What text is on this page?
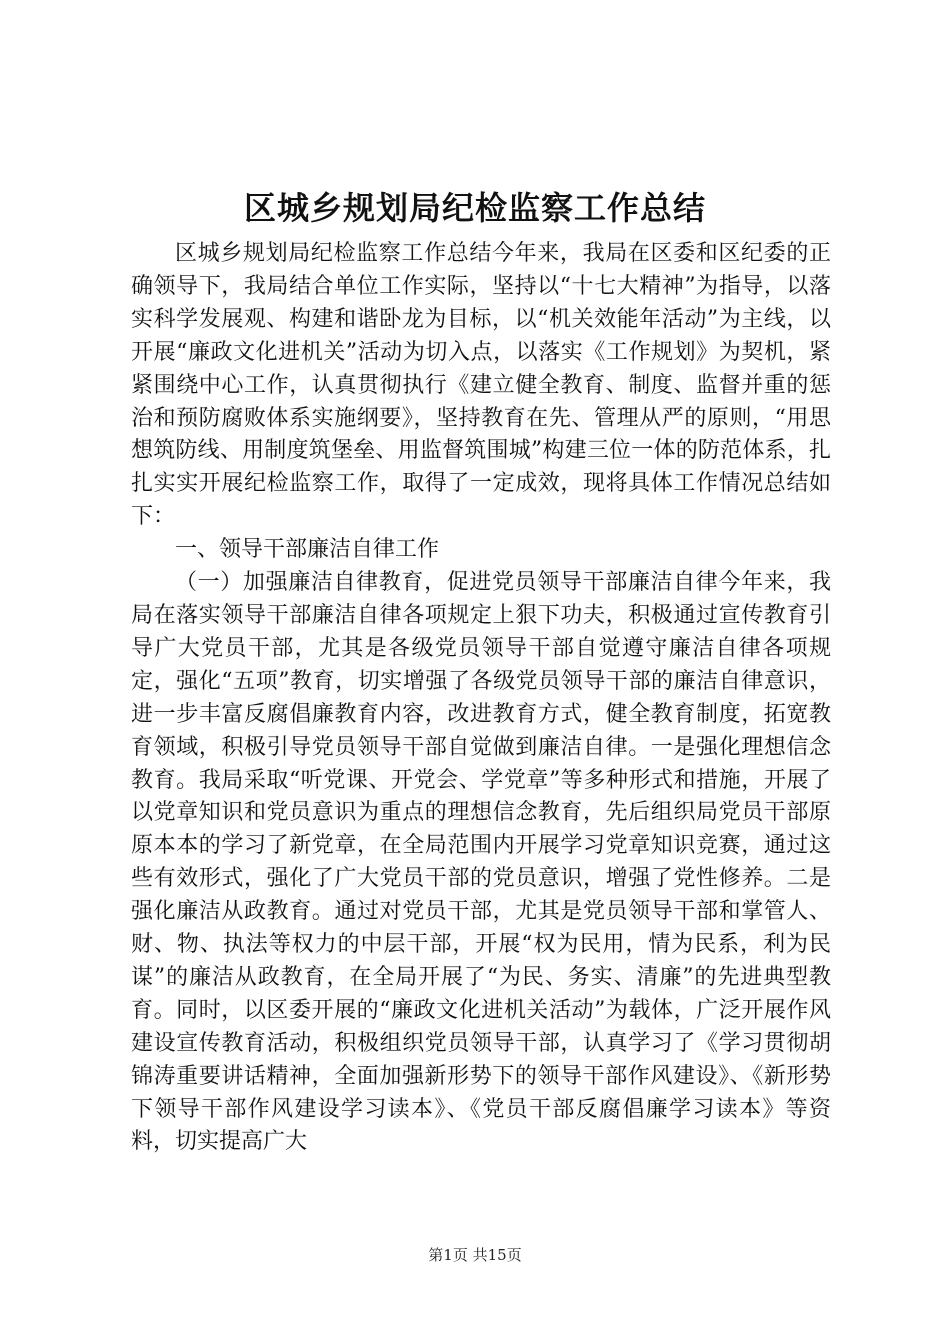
区城乡规划局纪检监察工作总结

区城乡规划局纪检监察工作总结今年来，我局在区委和区纪委的正确领导下，我局结合单位工作实际，坚持以“十七大精神”为指导，以落实科学发展观、构建和谐卧龙为目标，以“机关效能年活动”为主线，以开展“廉政文化进机关”活动为切入点，以落实《工作规划》为契机，紧紧围绕中心工作，认真贯彻执行《建立健全教育、制度、监督并重的惩治和预防腐败体系实施纲要》，坚持教育在先、管理从严的原则，“用思想筑防线、用制度筑堡垒、用监督筑围城”构建三位一体的防范体系，扎扎实实开展纪检监察工作，取得了一定成效，现将具体工作情况总结如下：

一、领导干部廉洁自律工作

（一）加强廉洁自律教育，促进党员领导干部廉洁自律今年来，我局在落实领导干部廉洁自律各项规定上狠下功夫，积极通过宣传教育引导广大党员干部，尤其是各级党员领导干部自觉遵守廉洁自律各项规定，强化“五项”教育，切实增强了各级党员领导干部的廉洁自律意识，进一步丰富反腐倡廉教育内容，改进教育方式，健全教育制度，拓宽教育领域，积极引导党员领导干部自觉做到廉洁自律。一是强化理想信念教育。我局采取“听党课、开党会、学党章”等多种形式和措施，开展了以党章知识和党员意识为重点的理想信念教育，先后组织局党员干部原原本本的学习了新党章，在全局范围内开展学习党章知识竞赛，通过这些有效形式，强化了广大党员干部的党员意识，增强了党性修养。二是强化廉洁从政教育。通过对党员干部，尤其是党员领导干部和掌管人、财、物、执法等权力的中层干部，开展“权为民用，情为民系，利为民谋”的廉洁从政教育，在全局开展了“为民、务实、清廉”的先进典型教育。同时，以区委开展的“廉政文化进机关活动”为载体，广泛开展作风建设宣传教育活动，积极组织党员领导干部，认真学习了《学习贯彻胡锦涛重要讲话精神，全面加强新形势下的领导干部作风建设》、《新形势下领导干部作风建设学习读本》、《党员干部反腐倡廉学习读本》等资料，切实提高广大

第1页 共15页
